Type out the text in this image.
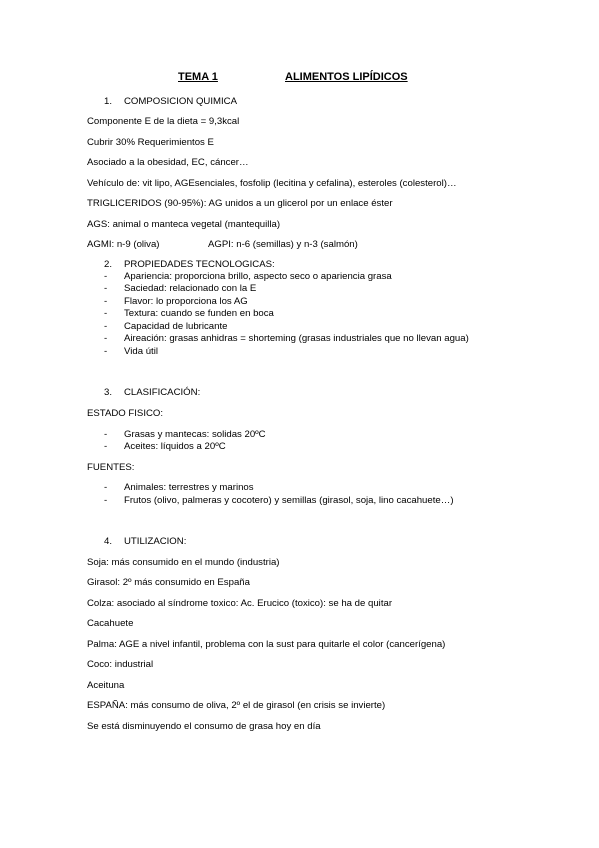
TEMA 1	ALIMENTOS LIPÍDICOS
1. COMPOSICION QUIMICA
Componente E de la dieta = 9,3kcal
Cubrir 30% Requerimientos E
Asociado a la obesidad, EC, cáncer…
Vehículo de: vit lipo, AGEsenciales, fosfolip (lecitina y cefalina), esteroles (colesterol)…
TRIGLICERIDOS (90-95%): AG unidos a un glicerol por un enlace éster
AGS: animal o manteca vegetal (mantequilla)
AGMI: n-9 (oliva)	AGPI: n-6 (semillas) y n-3 (salmón)
2. PROPIEDADES TECNOLOGICAS:
- Apariencia: proporciona brillo, aspecto seco o apariencia grasa
- Saciedad: relacionado con la E
- Flavor: lo proporciona los AG
- Textura: cuando se funden en boca
- Capacidad de lubricante
- Aireación: grasas anhidras = shorteming (grasas industriales que no llevan agua)
- Vida útil
3. CLASIFICACIÓN:
ESTADO FISICO:
- Grasas y mantecas: solidas 20ºC
- Aceites: líquidos a 20ºC
FUENTES:
- Animales: terrestres y marinos
- Frutos (olivo, palmeras y cocotero) y semillas (girasol, soja, lino cacahuete…)
4. UTILIZACION:
Soja: más consumido en el mundo (industria)
Girasol: 2º más consumido en España
Colza: asociado al síndrome toxico: Ac. Erucico (toxico): se ha de quitar
Cacahuete
Palma: AGE a nivel infantil, problema con la sust para quitarle el color (cancerígena)
Coco: industrial
Aceituna
ESPAÑA: más consumo de oliva, 2º el de girasol (en crisis se invierte)
Se está disminuyendo el consumo de grasa hoy en día
